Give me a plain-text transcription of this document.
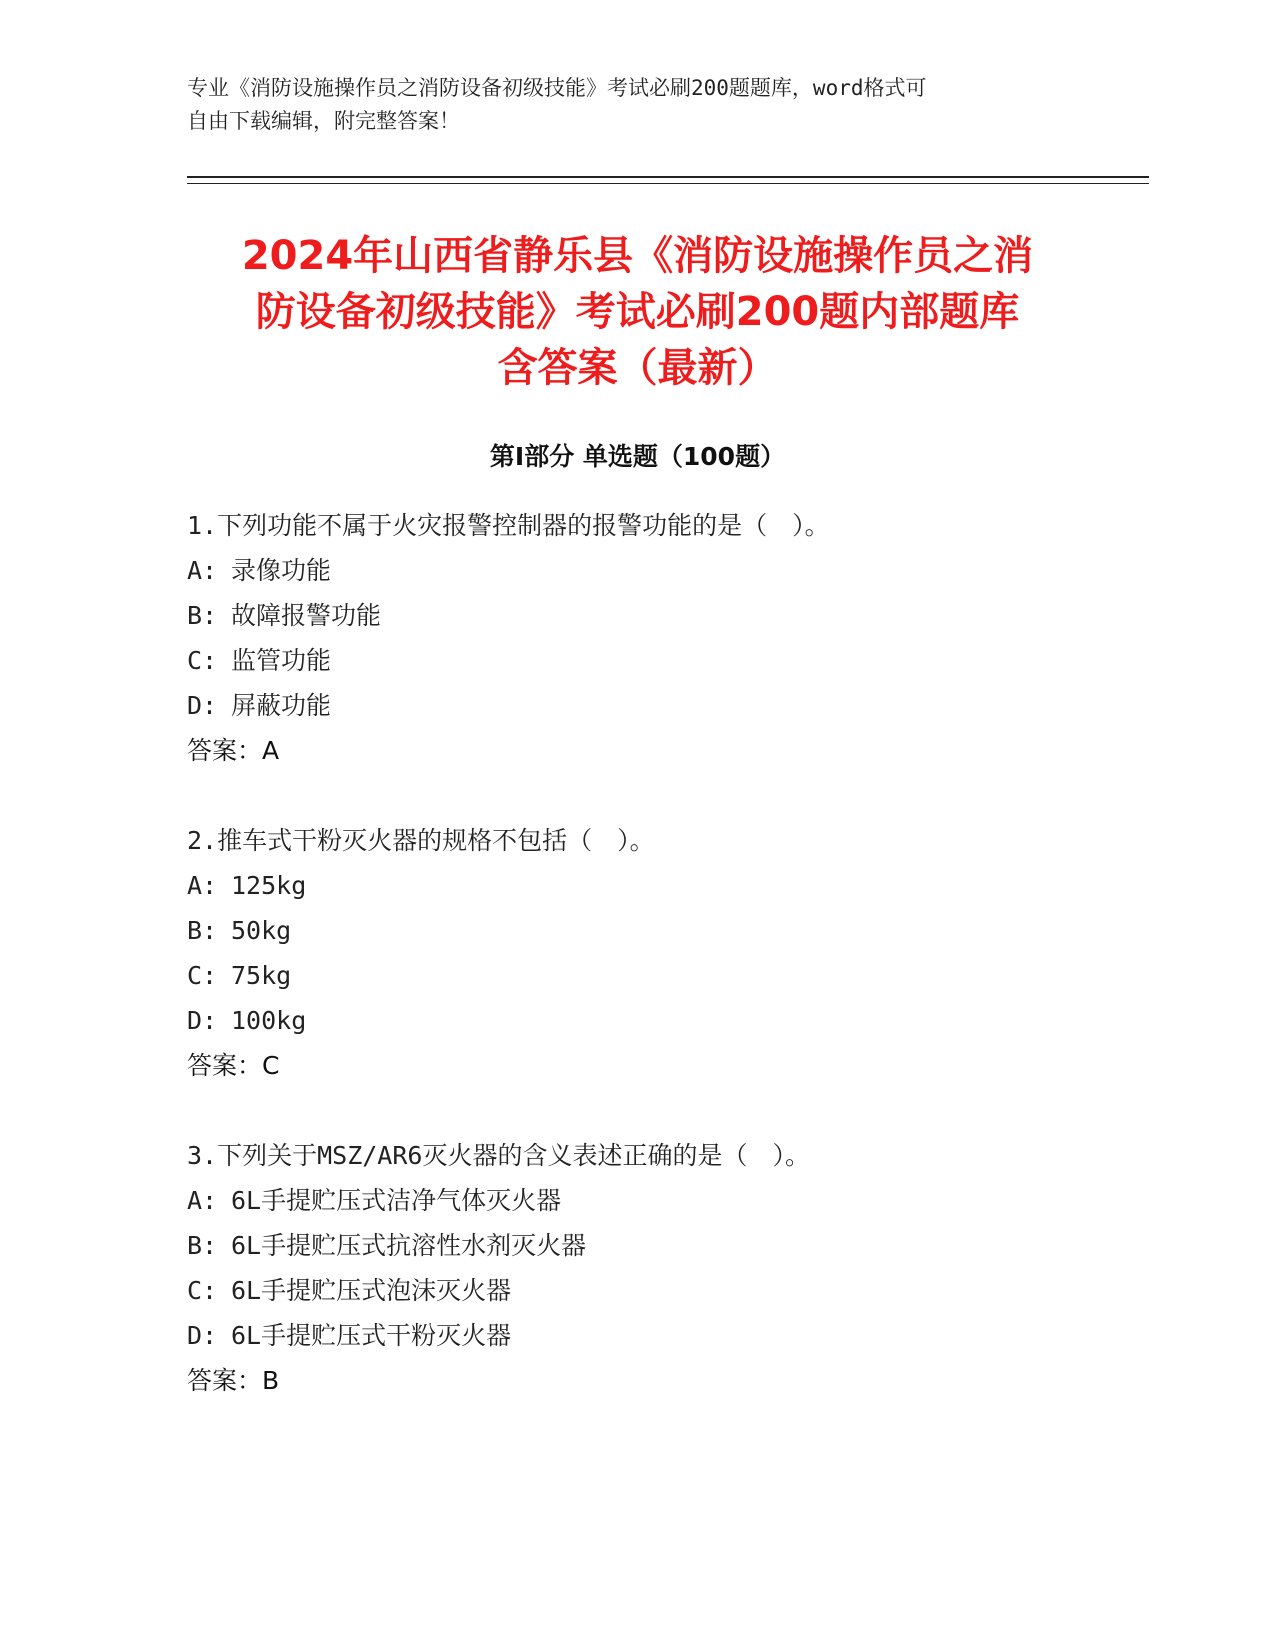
专业《消防设施操作员之消防设备初级技能》考试必刷200题题库，word格式可
自由下载编辑，附完整答案！
2024年山西省静乐县《消防设施操作员之消
防设备初级技能》考试必刷200题内部题库
含答案（最新）
第Ⅰ部分 单选题（100题）
1.下列功能不属于火灾报警控制器的报警功能的是（　）。
A: 录像功能
B: 故障报警功能
C: 监管功能
D: 屏蔽功能
答案：A
2.推车式干粉灭火器的规格不包括（　）。
A: 125kg
B: 50kg
C: 75kg
D: 100kg
答案：C
3.下列关于MSZ/AR6灭火器的含义表述正确的是（　）。
A: 6L手提贮压式洁净气体灭火器
B: 6L手提贮压式抗溶性水剂灭火器
C: 6L手提贮压式泡沫灭火器
D: 6L手提贮压式干粉灭火器
答案：B
